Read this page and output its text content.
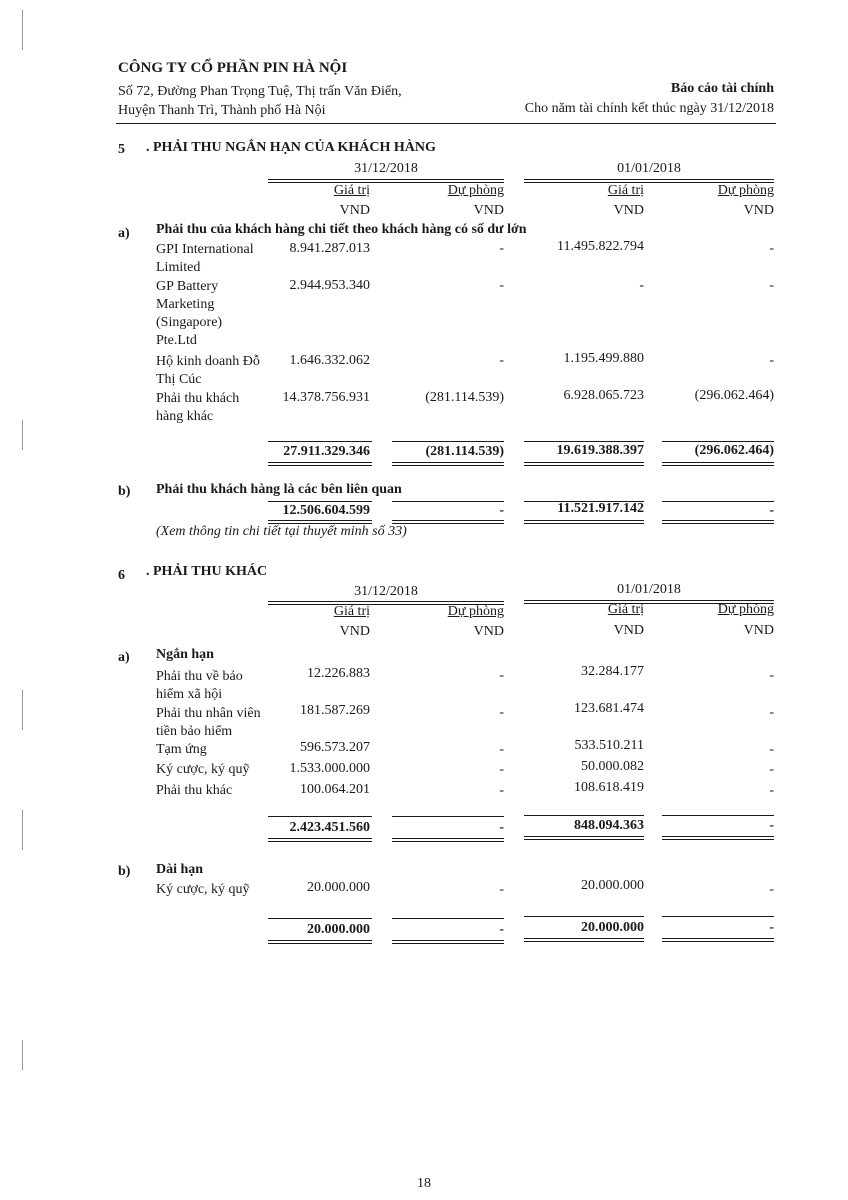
CÔNG TY CỔ PHẦN PIN HÀ NỘI
Số 72, Đường Phan Trọng Tuệ, Thị trấn Văn Điển,
Huyện Thanh Trì, Thành phố Hà Nội
Báo cáo tài chính
Cho năm tài chính kết thúc ngày 31/12/2018
5 . PHẢI THU NGẮN HẠN CỦA KHÁCH HÀNG
31/12/2018	01/01/2018
Giá trị	Dự phòng	Giá trị	Dự phòng
VND	VND	VND	VND
a) Phải thu của khách hàng chi tiết theo khách hàng có số dư lớn
GPI International Limited
8.941.287.013	-	11.495.822.794	-
GP Battery Marketing (Singapore) Pte.Ltd
2.944.953.340	-	-	-
Hộ kinh doanh Đỗ Thị Cúc
1.646.332.062	-	1.195.499.880	-
Phải thu khách hàng khác
14.378.756.931	(281.114.539)	6.928.065.723	(296.062.464)
27.911.329.346	(281.114.539)	19.619.388.397	(296.062.464)
b) Phải thu khách hàng là các bên liên quan
12.506.604.599	-	11.521.917.142	-
(Xem thông tin chi tiết tại thuyết minh số 33)
6 . PHẢI THU KHÁC
31/12/2018	01/01/2018
Giá trị	Dự phòng	Giá trị	Dự phòng
VND	VND	VND	VND
a) Ngắn hạn
Phải thu về bảo hiểm xã hội
12.226.883	-	32.284.177	-
Phải thu nhân viên tiền bảo hiểm
181.587.269	-	123.681.474	-
Tạm ứng	596.573.207	-	533.510.211	-
Ký cược, ký quỹ	1.533.000.000	-	50.000.082	-
Phải thu khác	100.064.201	-	108.618.419	-
2.423.451.560	-	848.094.363	-
b) Dài hạn
Ký cược, ký quỹ	20.000.000	-	20.000.000	-
20.000.000	-	20.000.000	-
18
